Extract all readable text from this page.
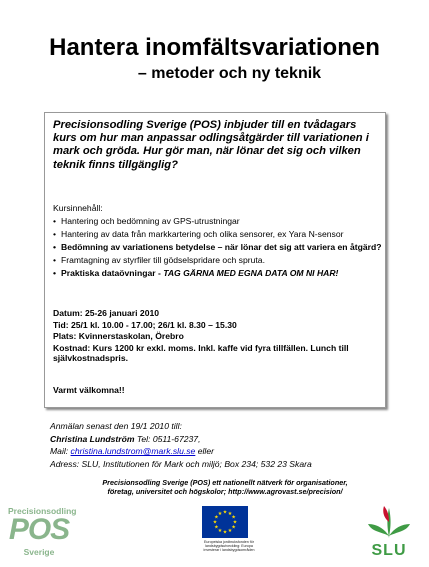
Hantera inomfältsvariationen
– metoder och ny teknik
Precisionsodling Sverige (POS) inbjuder till en tvådagars kurs om hur man anpassar odlingsåtgärder till variationen i mark och gröda. Hur gör man, när lönar det sig och vilken teknik finns tillgänglig?
Kursinnehåll:
• Hantering och bedömning av GPS-utrustningar
• Hantering av data från markkartering och olika sensorer, ex Yara N-sensor
• Bedömning av variationens betydelse – när lönar det sig att variera en åtgärd?
• Framtagning av styrfiler till gödselspridare och spruta.
• Praktiska dataövningar - TAG GÄRNA MED EGNA DATA OM NI HAR!

Datum: 25-26 januari 2010

Tid: 25/1 kl. 10.00 - 17.00; 26/1 kl. 8.30 – 15.30

Plats: Kvinnerstaskolan, Örebro

Kostnad: Kurs 1200 kr exkl. moms. Inkl. kaffe vid fyra tillfällen. Lunch till självkostnadspris.

Varmt välkomna!!
Anmälan senast den 19/1 2010 till:
Christina Lundström Tel: 0511-67237,
Mail: christina.lundstrom@mark.slu.se eller
Adress: SLU, Institutionen för Mark och miljö; Box 234; 532 23 Skara
Precisionsodling Sverige (POS) ett nationellt nätverk för organisationer,
företag, universitet och högskolor; http://www.agrovast.se/precision/
Precisionsodling
POS
Sverige
★ ★
★
★
★
★
★
★
★
★
★
★
Europeiska jordbruksfonden för
landsbygdsutveckling: Europa
investerar i landsbygdsområden	SLU
